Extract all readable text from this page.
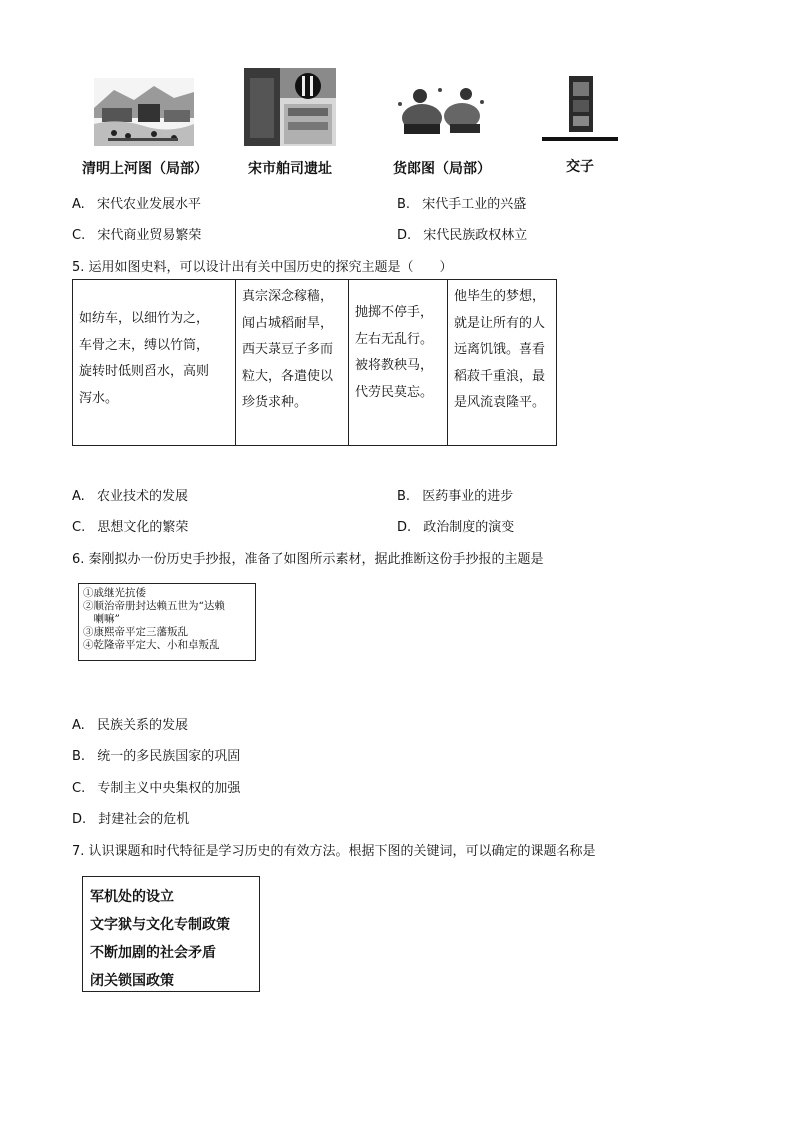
清明上河图（局部）	宋市舶司遗址	货郎图（局部）	交子
A. 宋代农业发展水平	B. 宋代手工业的兴盛
C. 宋代商业贸易繁荣	D. 宋代民族政权林立
5. 运用如图史料，可以设计出有关中国历史的探究主题是（　　）
如纺车，以细竹为之，
车骨之末，缚以竹筒，
旋转时低则舀水，高则
泻水。

真宗深念稼穑，
闻占城稻耐旱，
西天菉豆子多而
粒大，各遣使以
珍货求种。

抛掷不停手，
左右无乱行。
被将教秧马，
代劳民莫忘。

他毕生的梦想，
就是让所有的人
远离饥饿。喜看
稻菽千重浪，最
是风流袁隆平。
A. 农业技术的发展	B. 医药事业的进步
C. 思想文化的繁荣	D. 政治制度的演变
6. 秦刚拟办一份历史手抄报，准备了如图所示素材，据此推断这份手抄报的主题是
①戚继光抗倭
②顺治帝册封达赖五世为“达赖
　喇嘛”
③康熙帝平定三藩叛乱
④乾隆帝平定大、小和卓叛乱
A. 民族关系的发展
B. 统一的多民族国家的巩固
C. 专制主义中央集权的加强
D. 封建社会的危机
7. 认识课题和时代特征是学习历史的有效方法。根据下图的关键词，可以确定的课题名称是
军机处的设立
文字狱与文化专制政策
不断加剧的社会矛盾
闭关锁国政策
